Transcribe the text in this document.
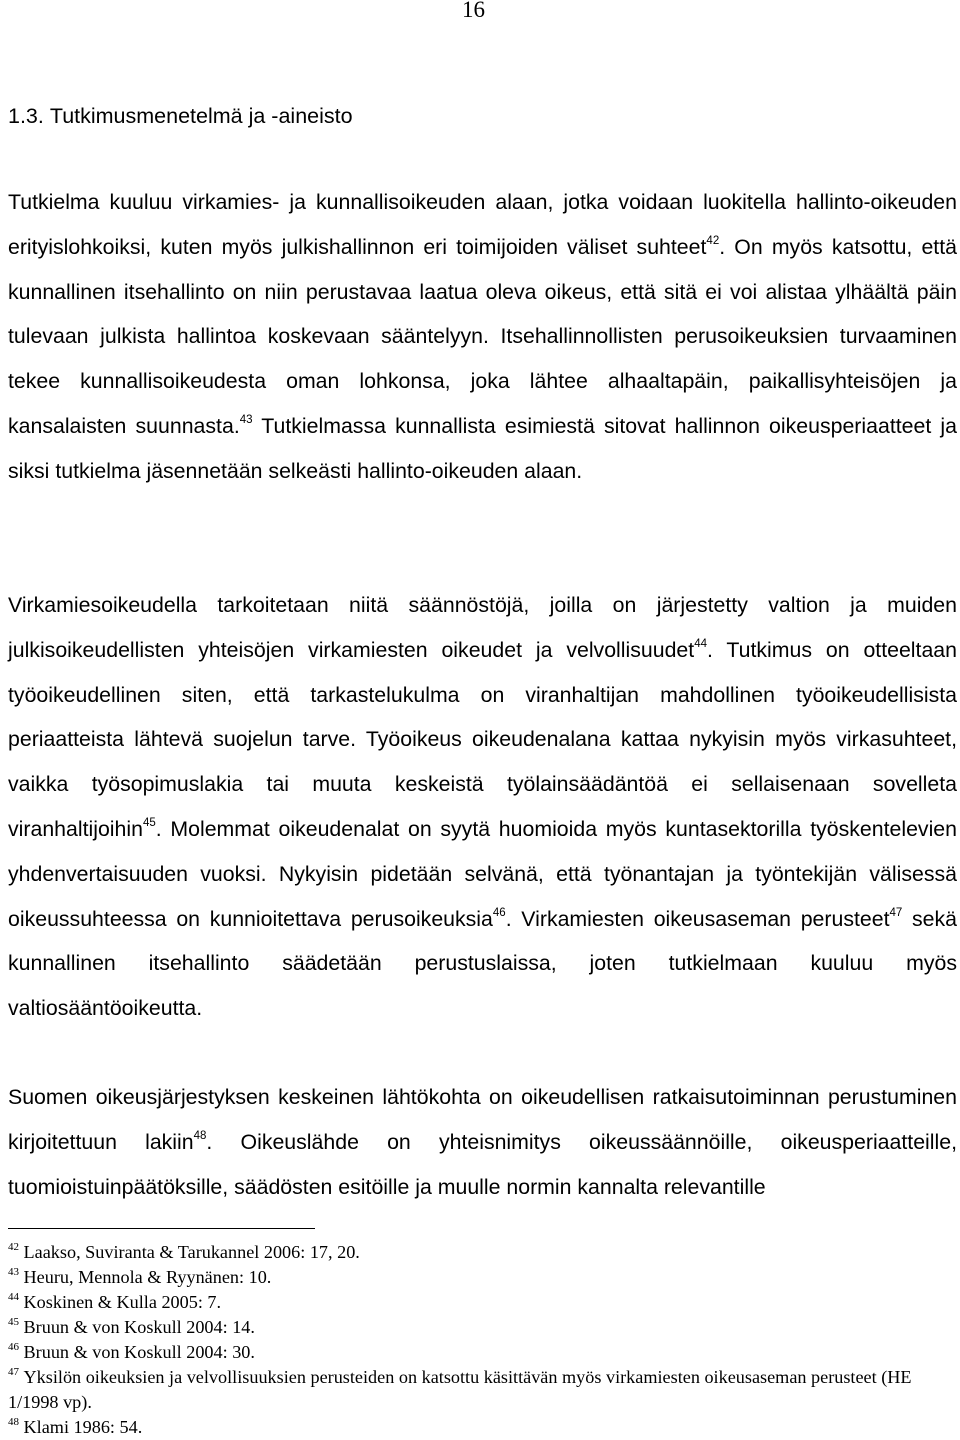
16
1.3. Tutkimusmenetelmä ja -aineisto

Tutkielma kuuluu virkamies- ja kunnallisoikeuden alaan, jotka voidaan luokitella hallinto-oikeuden erityislohkoiksi, kuten myös julkishallinnon eri toimijoiden väliset suhteet$^{42}$. On myös katsottu, että kunnallinen itsehallinto on niin perustavaa laatua oleva oikeus, että sitä ei voi alistaa ylhäältä päin tulevaan julkista hallintoa koskevaan sääntelyyn. Itsehallinnollisten perusoikeuksien turvaaminen tekee kunnallisoikeudesta oman lohkonsa, joka lähtee alhaaltapäin, paikallisyhteisöjen ja kansalaisten suunnasta.$^{43}$ Tutkielmassa kunnallista esimiestä sitovat hallinnon oikeusperiaatteet ja siksi tutkielma jäsennetään selkeästi hallinto-oikeuden alaan.

Virkamiesoikeudella tarkoitetaan niitä säännöstöjä, joilla on järjestetty valtion ja muiden julkisoikeudellisten yhteisöjen virkamiesten oikeudet ja velvollisuudet$^{44}$. Tutkimus on otteeltaan työoikeudellinen siten, että tarkastelukulma on viranhaltijan mahdollinen työoikeudellisista periaatteista lähtevä suojelun tarve. Työoikeus oikeudenalana kattaa nykyisin myös virkasuhteet, vaikka työsopimuslakia tai muuta keskeistä työlainsäädäntöä ei sellaisenaan sovelleta viranhaltijoihin$^{45}$. Molemmat oikeudenalat on syytä huomioida myös kuntasektorilla työskentelevien yhdenvertaisuuden vuoksi. Nykyisin pidetään selvänä, että työnantajan ja työntekijän välisessä oikeussuhteessa on kunnioitettava perusoikeuksia$^{46}$. Virkamiesten oikeusaseman perusteet$^{47}$ sekä kunnallinen itsehallinto säädetään perustuslaissa, joten tutkielmaan kuuluu myös valtiosääntöoikeutta.

Suomen oikeusjärjestyksen keskeinen lähtökohta on oikeudellisen ratkaisutoiminnan perustuminen kirjoitettuun lakiin$^{48}$. Oikeuslähde on yhteisnimitys oikeussäännöille, oikeusperiaatteille, tuomioistuinpäätöksille, säädösten esitöille ja muulle normin kannalta relevantille

$^{42}$ Laakso, Suviranta & Tarukannel 2006: 17, 20.
$^{43}$ Heuru, Mennola & Ryynänen: 10.
$^{44}$ Koskinen & Kulla 2005: 7.
$^{45}$ Bruun & von Koskull 2004: 14.
$^{46}$ Bruun & von Koskull 2004: 30.
$^{47}$ Yksilön oikeuksien ja velvollisuuksien perusteiden on katsottu käsittävän myös virkamiesten oikeusaseman perusteet (HE 1/1998 vp).
$^{48}$ Klami 1986: 54.
